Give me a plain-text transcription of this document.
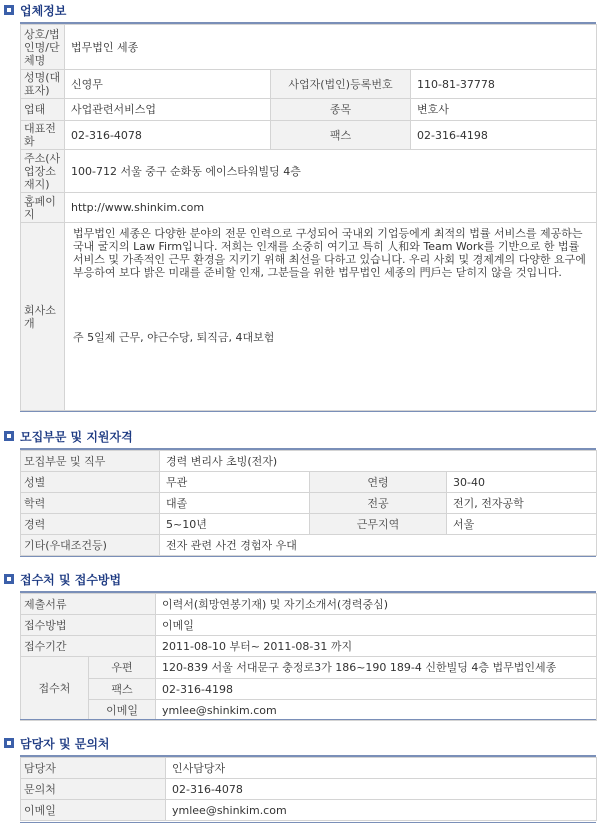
업체정보
상호/법인명/단체명	법무법인 세종		
성명(대표자)	신영무	사업자(법인)등록번호	110-81-37778
업태	사업관련서비스업	종목	변호사
대표전화	02-316-4078	팩스	02-316-4198
주소(사업장소재지)	100-712 서울 중구 순화동 에이스타워빌딩 4층		
홈페이지	http://www.shinkim.com		
회사소개	법무법인 세종은 다양한 분야의 전문 인력으로 구성되어 국내외 기업등에게 최적의 법률 서비스를 제공하는 국내 굴지의 Law Firm입니다. 저희는 인재를 소중히 여기고 특히 人和와 Team Work를 기반으로 한 법률 서비스 및 가족적인 근무 환경을 지키기 위해 최선을 다하고 있습니다. 우리 사회 및 경제계의 다양한 요구에 부응하여 보다 밝은 미래를 준비할 인재, 그분들을 위한 법무법인 세종의 門戶는 닫히지 않을 것입니다.
주 5일제 근무, 야근수당, 퇴직금, 4대보험		
모집부문 및 지원자격
모집부문 및 직무	경력 변리사 초빙(전자)		
성별	무관	연령	30-40
학력	대졸	전공	전기, 전자공학
경력	5~10년	근무지역	서울
기타(우대조건등)	전자 관련 사건 경험자 우대		
접수처 및 접수방법
제출서류		이력서(희망연봉기재) 및 자기소개서(경력중심)
접수방법		이메일
접수기간		2011-08-10 부터~ 2011-08-31 까지
접수처	우편	120-839 서울 서대문구 충정로3가 186~190 189-4 신한빌딩 4층 법무법인세종
	팩스	02-316-4198
	이메일	ymlee@shinkim.com
담당자 및 문의처
담당자	인사담당자
문의처	02-316-4078
이메일	ymlee@shinkim.com
